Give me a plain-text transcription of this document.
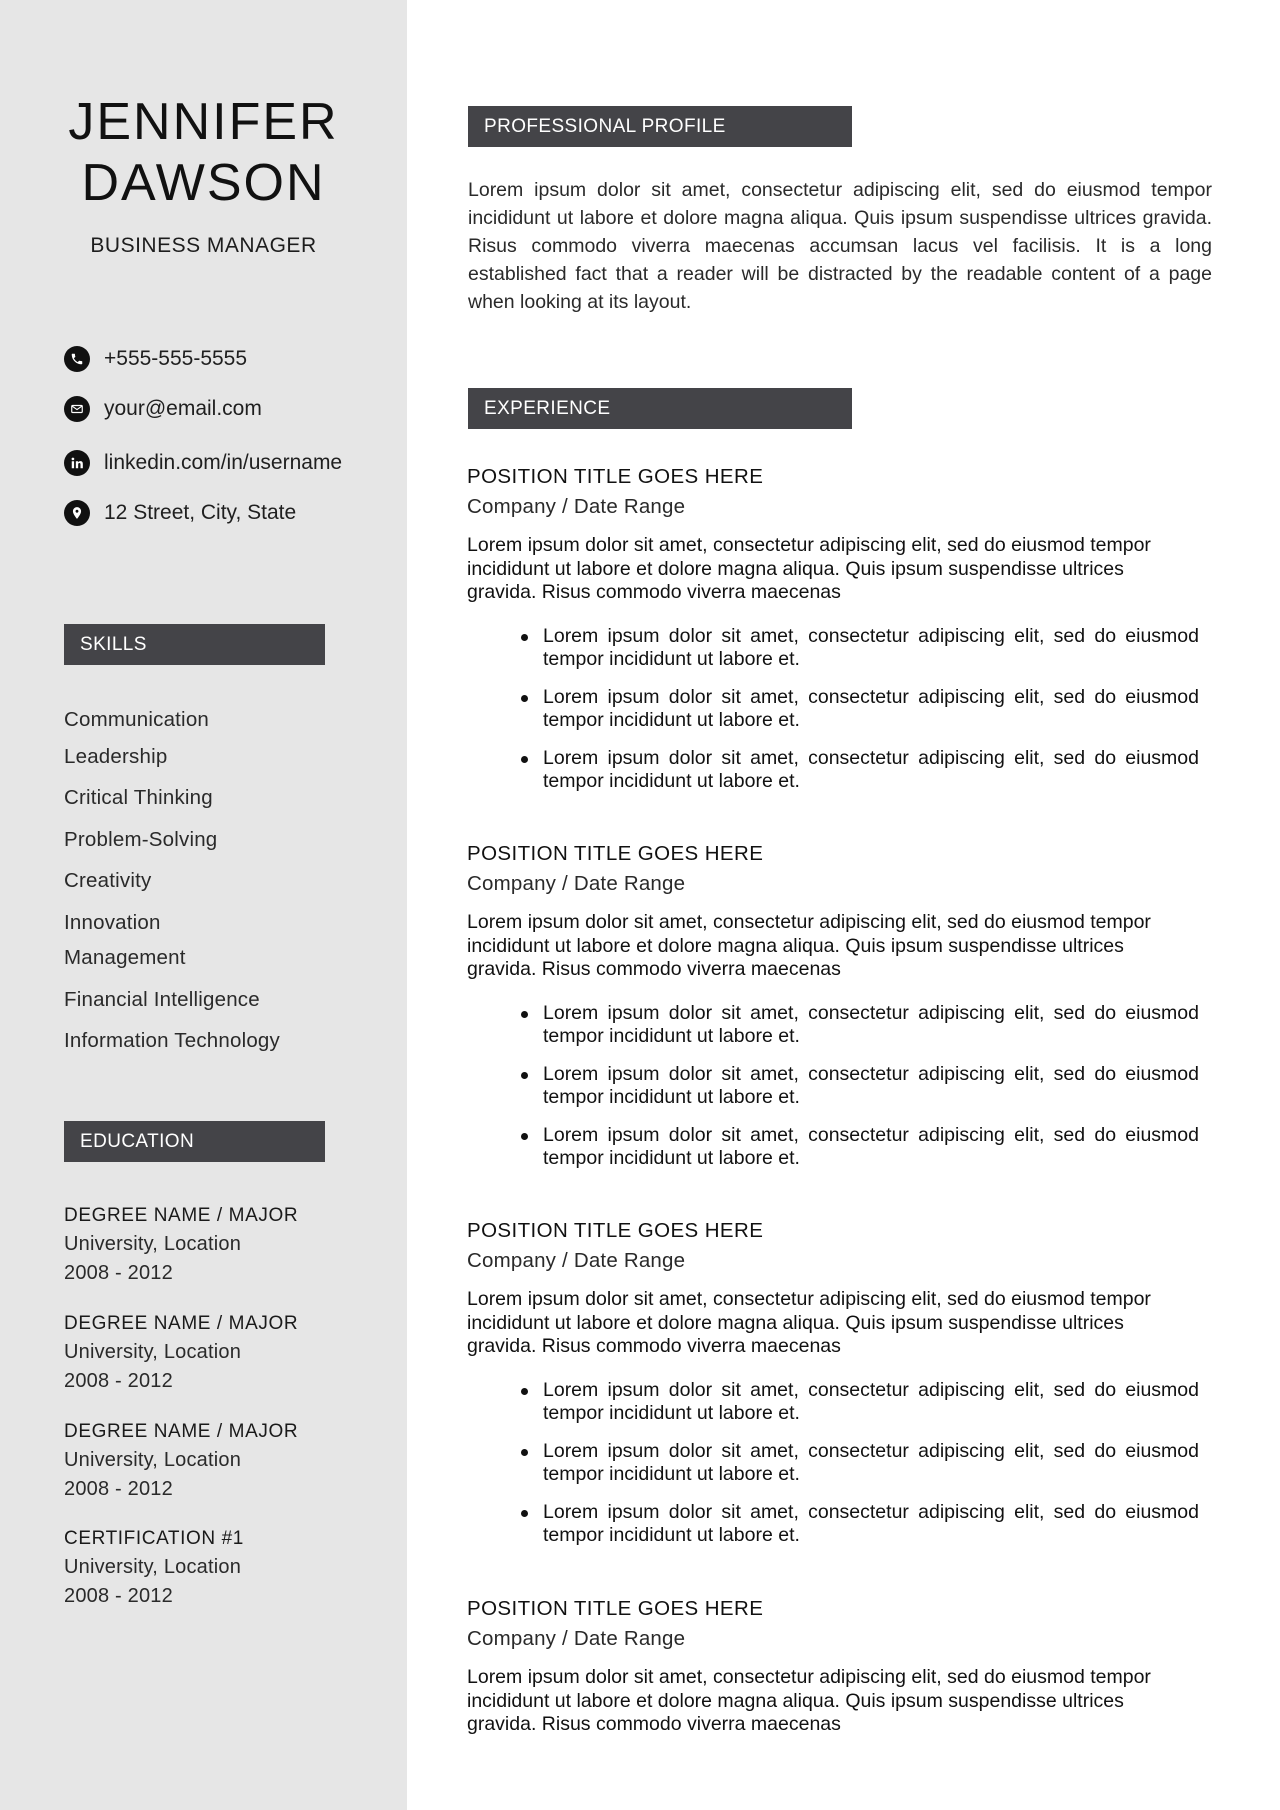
JENNIFER
DAWSON
BUSINESS MANAGER
+555-555-5555
your@email.com
linkedin.com/in/username
12 Street, City, State
SKILLS
Communication
Leadership
Critical Thinking
Problem-Solving
Creativity
Innovation
Management
Financial Intelligence
Information Technology
EDUCATION
DEGREE NAME / MAJOR
University, Location
2008 - 2012
DEGREE NAME / MAJOR
University, Location
2008 - 2012
DEGREE NAME / MAJOR
University, Location
2008 - 2012
CERTIFICATION #1
University, Location
2008 - 2012
PROFESSIONAL PROFILE

Lorem ipsum dolor sit amet, consectetur adipiscing elit, sed do eiusmod tempor incididunt ut labore et dolore magna aliqua. Quis ipsum suspendisse ultrices gravida. Risus commodo viverra maecenas accumsan lacus vel facilisis. It is a long established fact that a reader will be distracted by the readable content of a page when looking at its layout.

EXPERIENCE
POSITION TITLE GOES HERE
Company / Date Range
Lorem ipsum dolor sit amet, consectetur adipiscing elit, sed do eiusmod tempor incididunt ut labore et dolore magna aliqua. Quis ipsum suspendisse ultrices gravida. Risus commodo viverra maecenas
Lorem ipsum dolor sit amet, consectetur adipiscing elit, sed do eiusmod tempor incididunt ut labore et.
Lorem ipsum dolor sit amet, consectetur adipiscing elit, sed do eiusmod tempor incididunt ut labore et.
Lorem ipsum dolor sit amet, consectetur adipiscing elit, sed do eiusmod tempor incididunt ut labore et.
POSITION TITLE GOES HERE
Company / Date Range
Lorem ipsum dolor sit amet, consectetur adipiscing elit, sed do eiusmod tempor incididunt ut labore et dolore magna aliqua. Quis ipsum suspendisse ultrices gravida. Risus commodo viverra maecenas
Lorem ipsum dolor sit amet, consectetur adipiscing elit, sed do eiusmod tempor incididunt ut labore et.
Lorem ipsum dolor sit amet, consectetur adipiscing elit, sed do eiusmod tempor incididunt ut labore et.
Lorem ipsum dolor sit amet, consectetur adipiscing elit, sed do eiusmod tempor incididunt ut labore et.
POSITION TITLE GOES HERE
Company / Date Range
Lorem ipsum dolor sit amet, consectetur adipiscing elit, sed do eiusmod tempor incididunt ut labore et dolore magna aliqua. Quis ipsum suspendisse ultrices gravida. Risus commodo viverra maecenas
Lorem ipsum dolor sit amet, consectetur adipiscing elit, sed do eiusmod tempor incididunt ut labore et.
Lorem ipsum dolor sit amet, consectetur adipiscing elit, sed do eiusmod tempor incididunt ut labore et.
Lorem ipsum dolor sit amet, consectetur adipiscing elit, sed do eiusmod tempor incididunt ut labore et.
POSITION TITLE GOES HERE
Company / Date Range
Lorem ipsum dolor sit amet, consectetur adipiscing elit, sed do eiusmod tempor incididunt ut labore et dolore magna aliqua. Quis ipsum suspendisse ultrices gravida. Risus commodo viverra maecenas
